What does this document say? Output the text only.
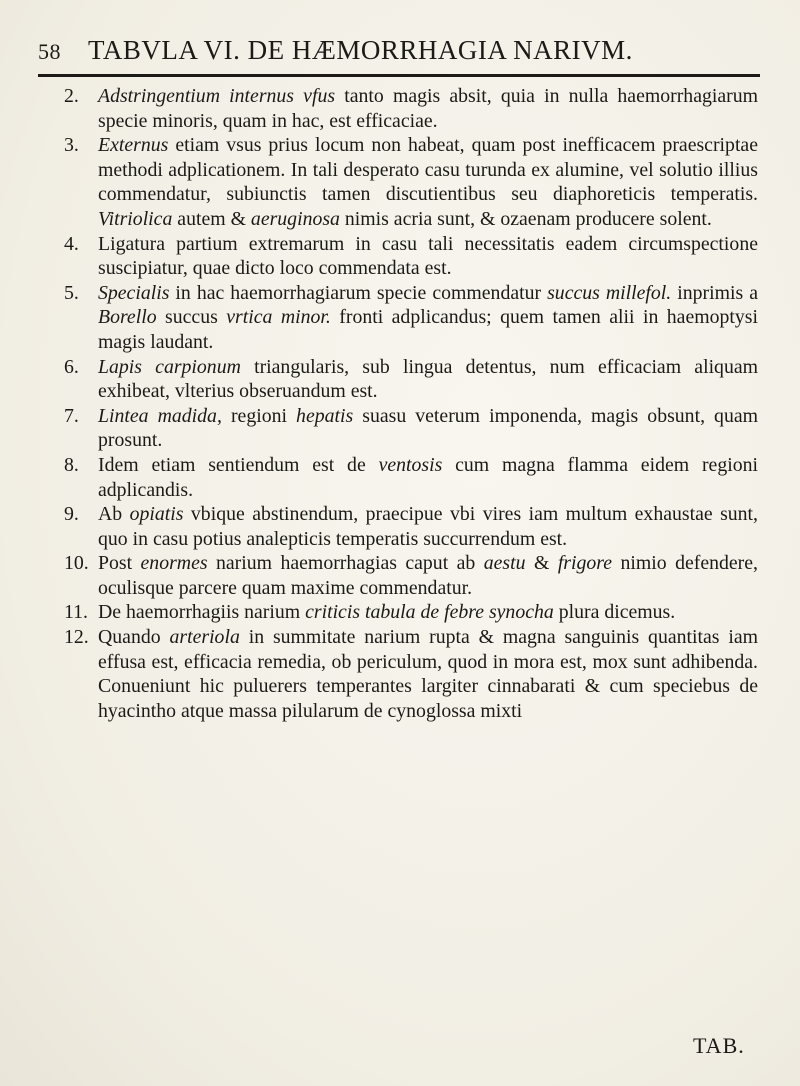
58 TABVLA VI. DE HÆMORRHAGIA NARIVM.

2. Adstringentium internus vfus tanto magis absit, quia in nulla haemorrhagiarum specie minoris, quam in hac, est efficaciae.

3. Externus etiam vsus prius locum non habeat, quam post inefficacem praescriptae methodi adplicationem. In tali desperato casu turunda ex alumine, vel solutio illius commendatur, subiunctis tamen discutientibus seu diaphoreticis temperatis. Vitriolica autem & aeruginosa nimis acria sunt, & ozaenam producere solent.

4. Ligatura partium extremarum in casu tali necessitatis eadem circumspectione suscipiatur, quae dicto loco commendata est.

5. Specialis in hac haemorrhagiarum specie commendatur succus millefol. inprimis a Borello succus vrtica minor. fronti adplicandus; quem tamen alii in haemoptysi magis laudant.

6. Lapis carpionum triangularis, sub lingua detentus, num efficaciam aliquam exhibeat, vlterius obseruandum est.

7. Lintea madida, regioni hepatis suasu veterum imponenda, magis obsunt, quam prosunt.

8. Idem etiam sentiendum est de ventosis cum magna flamma eidem regioni adplicandis.

9. Ab opiatis vbique abstinendum, praecipue vbi vires iam multum exhaustae sunt, quo in casu potius analepticis temperatis succurrendum est.

10. Post enormes narium haemorrhagias caput ab aestu & frigore nimio defendere, oculisque parcere quam maxime commendatur.

11. De haemorrhagiis narium criticis tabula de febre synocha plura dicemus.

12. Quando arteriola in summitate narium rupta & magna sanguinis quantitas iam effusa est, efficacia remedia, ob periculum, quod in mora est, mox sunt adhibenda. Conueniunt hic puluerers temperantes largiter cinnabarati & cum speciebus de hyacintho atque massa pilularum de cynoglossa mixti

TAB.
